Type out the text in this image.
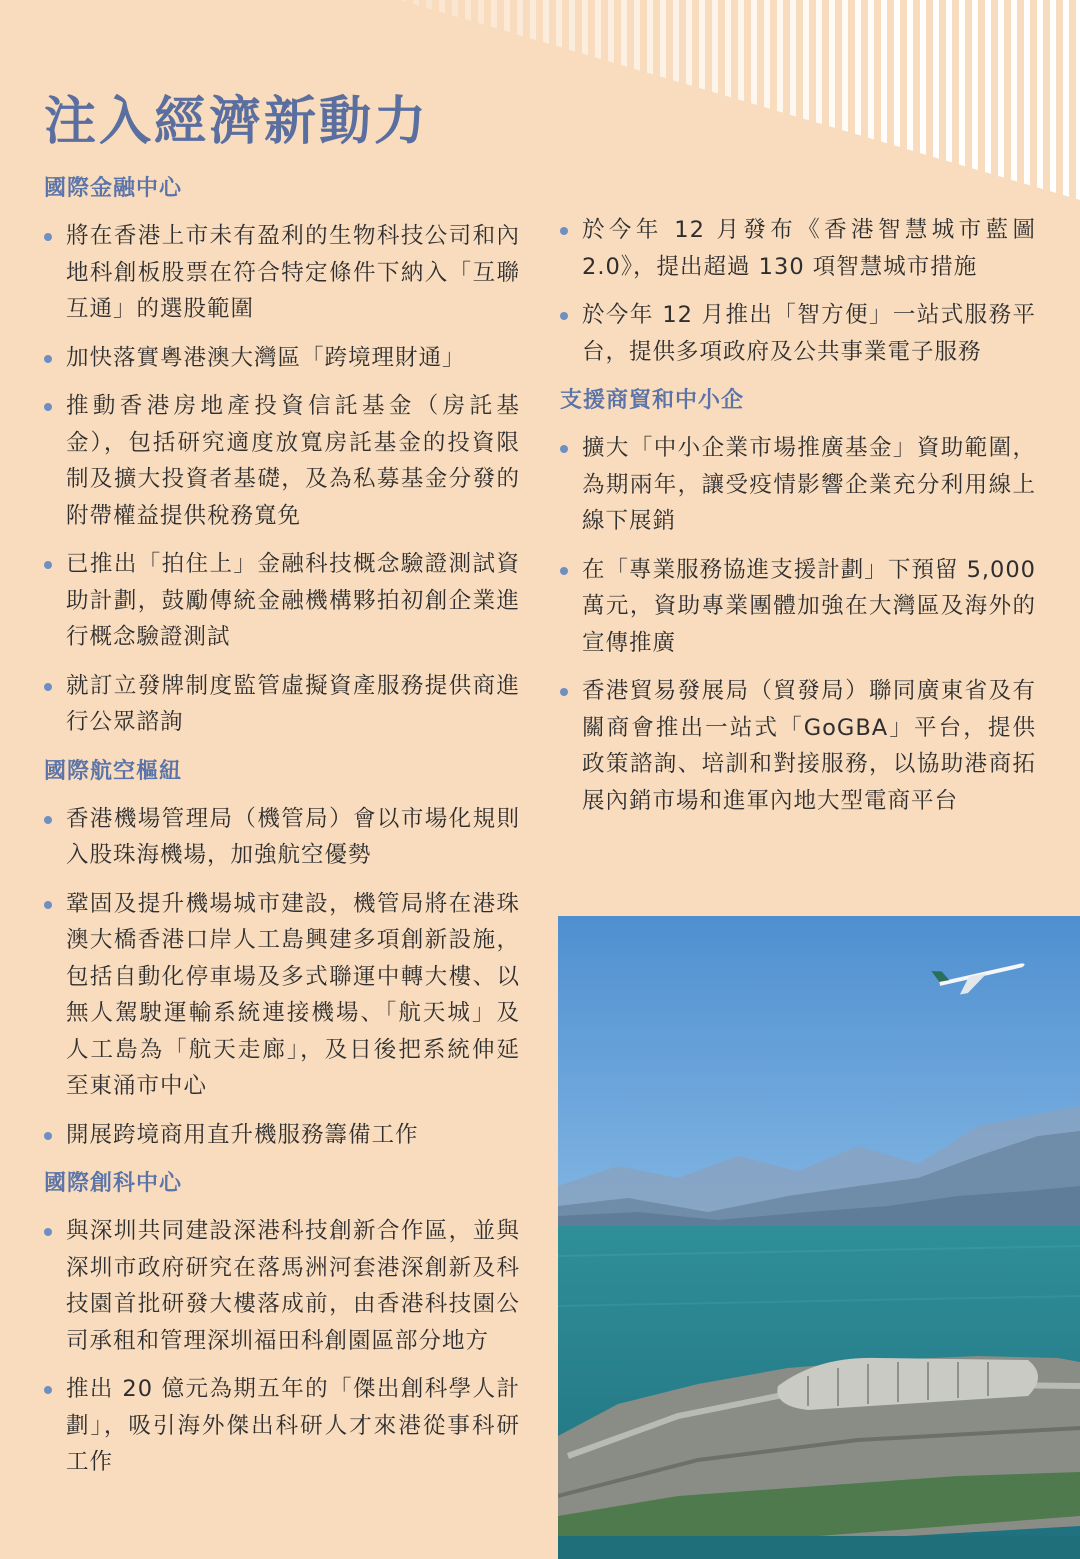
注入經濟新動力
國際金融中心
將在香港上市未有盈利的生物科技公司和內地科創板股票在符合特定條件下納入「互聯互通」的選股範圍
加快落實粵港澳大灣區「跨境理財通」
推動香港房地產投資信託基金（房託基金），包括研究適度放寬房託基金的投資限制及擴大投資者基礎，及為私募基金分發的附帶權益提供稅務寬免
已推出「拍住上」金融科技概念驗證測試資助計劃，鼓勵傳統金融機構夥拍初創企業進行概念驗證測試
就訂立發牌制度監管虛擬資產服務提供商進行公眾諮詢
國際航空樞紐
香港機場管理局（機管局）會以市場化規則入股珠海機場，加強航空優勢
鞏固及提升機場城市建設，機管局將在港珠澳大橋香港口岸人工島興建多項創新設施，包括自動化停車場及多式聯運中轉大樓、以無人駕駛運輸系統連接機場、「航天城」及人工島為「航天走廊」，及日後把系統伸延至東涌市中心
開展跨境商用直升機服務籌備工作
國際創科中心
與深圳共同建設深港科技創新合作區，並與深圳市政府研究在落馬洲河套港深創新及科技園首批研發大樓落成前，由香港科技園公司承租和管理深圳福田科創園區部分地方
推出 20 億元為期五年的「傑出創科學人計劃」，吸引海外傑出科研人才來港從事科研工作
於今年 12 月發布《香港智慧城市藍圖 2.0》，提出超過 130 項智慧城市措施
於今年 12 月推出「智方便」一站式服務平台，提供多項政府及公共事業電子服務
支援商貿和中小企
擴大「中小企業市場推廣基金」資助範圍，為期兩年，讓受疫情影響企業充分利用線上線下展銷
在「專業服務協進支援計劃」下預留 5,000 萬元，資助專業團體加強在大灣區及海外的宣傳推廣
香港貿易發展局（貿發局）聯同廣東省及有關商會推出一站式「GoGBA」平台，提供政策諮詢、培訓和對接服務，以協助港商拓展內銷市場和進軍內地大型電商平台
